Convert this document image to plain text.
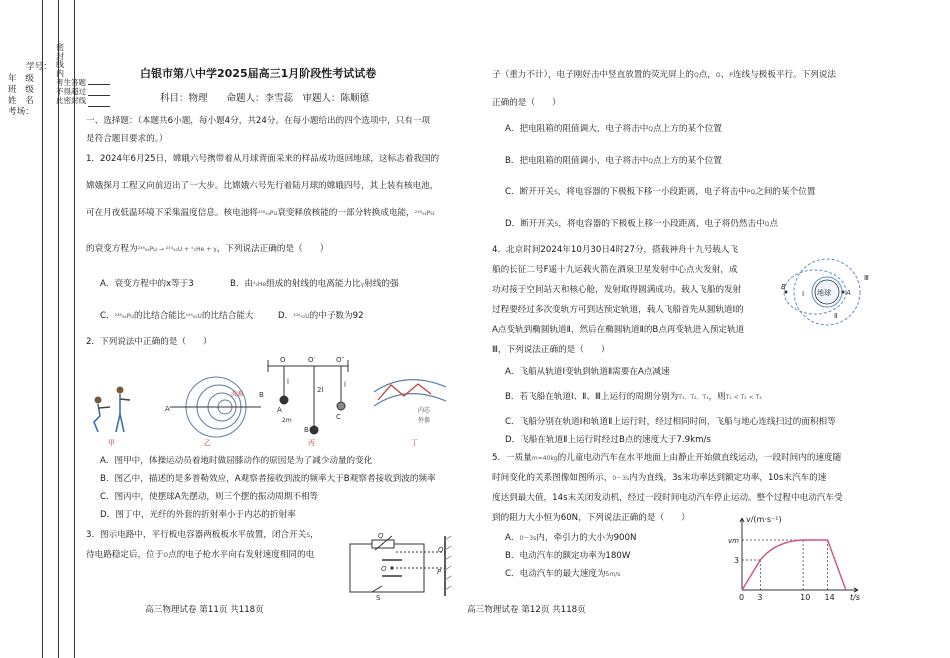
学号：
年　级
班　级
姓　名
考场：
密
封
线
内
考生答题
不得超过
此密封线
白银市第八中学2025届高三1月阶段性考试试卷
科目：物理　　命题人：李雪蕊　审题人：陈顺德
一、选择题：（本题共6小题，每小题4分，共24分。在每小题给出的四个选项中，只有一项
是符合题目要求的。）
1．2024年6月25日，嫦娥六号携带着从月球背面采来的样品成功返回地球，这标志着我国的
嫦娥探月工程又向前迈出了一大步。比嫦娥六号先行着陆月球的嫦娥四号，其上装有核电池，
可在月夜低温环境下采集温度信息。核电池将²³⁸₉₄Pu衰变释放核能的一部分转换成电能，²³⁸₉₄Pu
的衰变方程为²³⁸₉₄Pu → ²³⁴₉₂U + ˣ₂He + γ，下列说法正确的是（　　）
A．衰变方程中的x等于3	B．由⁴₂He组成的射线的电离能力比γ射线的强
C．²³⁸₉₄Pu的比结合能比²³⁴₉₂U的比结合能大	D．²³⁴₉₂U的中子数为92
2．下列说法中正确的是（　　）
甲
A
B
波源
乙
O	O′	O″
l
2l
l
A
2m
B
C
丙
内芯
外套
丁
A．图甲中，体操运动员着地时做屈膝动作的原因是为了减少动量的变化
B．图乙中，描述的是多普勒效应，A观察者接收到波的频率大于B观察者接收到波的频率
C．图丙中，使摆球A先摆动，则三个摆的振动周期不相等
D．图丁中，光纤的外套的折射率小于内芯的折射率
3．图示电路中，平行板电容器两板板水平放置，闭合开关S，
待电路稳定后，位于O点的电子枪水平向右发射速度相同的电
Q
O
Q
P
S
高三物理试卷 第11页 共118页
子（重力不计），电子刚好击中竖直放置的荧光屏上的Q点，O、P连线与极板平行。下列说法
正确的是（　　）
A．把电阻箱的阻值调大，电子将击中Q点上方的某个位置
B．把电阻箱的阻值调小，电子将击中Q点上方的某个位置
C．断开开关S，将电容器的下极板下移一小段距离，电子将击中PQ之间的某个位置
D．断开开关S，将电容器的下极板上移一小段距离，电子将仍然击中Q点
4．北京时间2024年10月30日4时27分，搭载神舟十九号载人飞
船的长征二号F遥十九运载火箭在酒泉卫星发射中心点火发射，成
功对接于空间站天和核心舱，发射取得圆满成功。载人飞船的发射
过程要经过多次变轨方可到达预定轨道，载人飞船首先从圆轨道Ⅰ的
A点变轨到椭圆轨道Ⅱ，然后在椭圆轨道Ⅱ的B点再变轨进入预定轨道
Ⅲ，下列说法正确的是（　　）
地球 A
B
Ⅰ
Ⅱ
Ⅲ
A．飞船从轨道Ⅰ变轨到轨道Ⅱ需要在A点减速
B．若飞船在轨道Ⅰ、Ⅱ、Ⅲ上运行的周期分别为T₁、T₂、T₃，则T₁ < T₂ < T₃
C．飞船分别在轨道Ⅰ和轨道Ⅱ上运行时，经过相同时间，飞船与地心连线扫过的面积相等
D．飞船在轨道Ⅱ上运行时经过B点的速度大于7.9km/s
5．一质量m=40kg的儿童电动汽车在水平地面上由静止开始做直线运动，一段时间内的速度随
时间变化的关系图像如图所示，0～3s内为直线，3s末功率达到额定功率，10s末汽车的速
度达到最大值，14s末关闭发动机，经过一段时间电动汽车停止运动。整个过程中电动汽车受
到的阻力大小恒为60N，下列说法正确的是（　　）
A．0～3s内，牵引力的大小为900N
B．电动汽车的额定功率为180W
C．电动汽车的最大速度为5m/s
0 3	10 14
3
vm
v/(m·s⁻¹)
t/s
高三物理试卷 第12页 共118页
